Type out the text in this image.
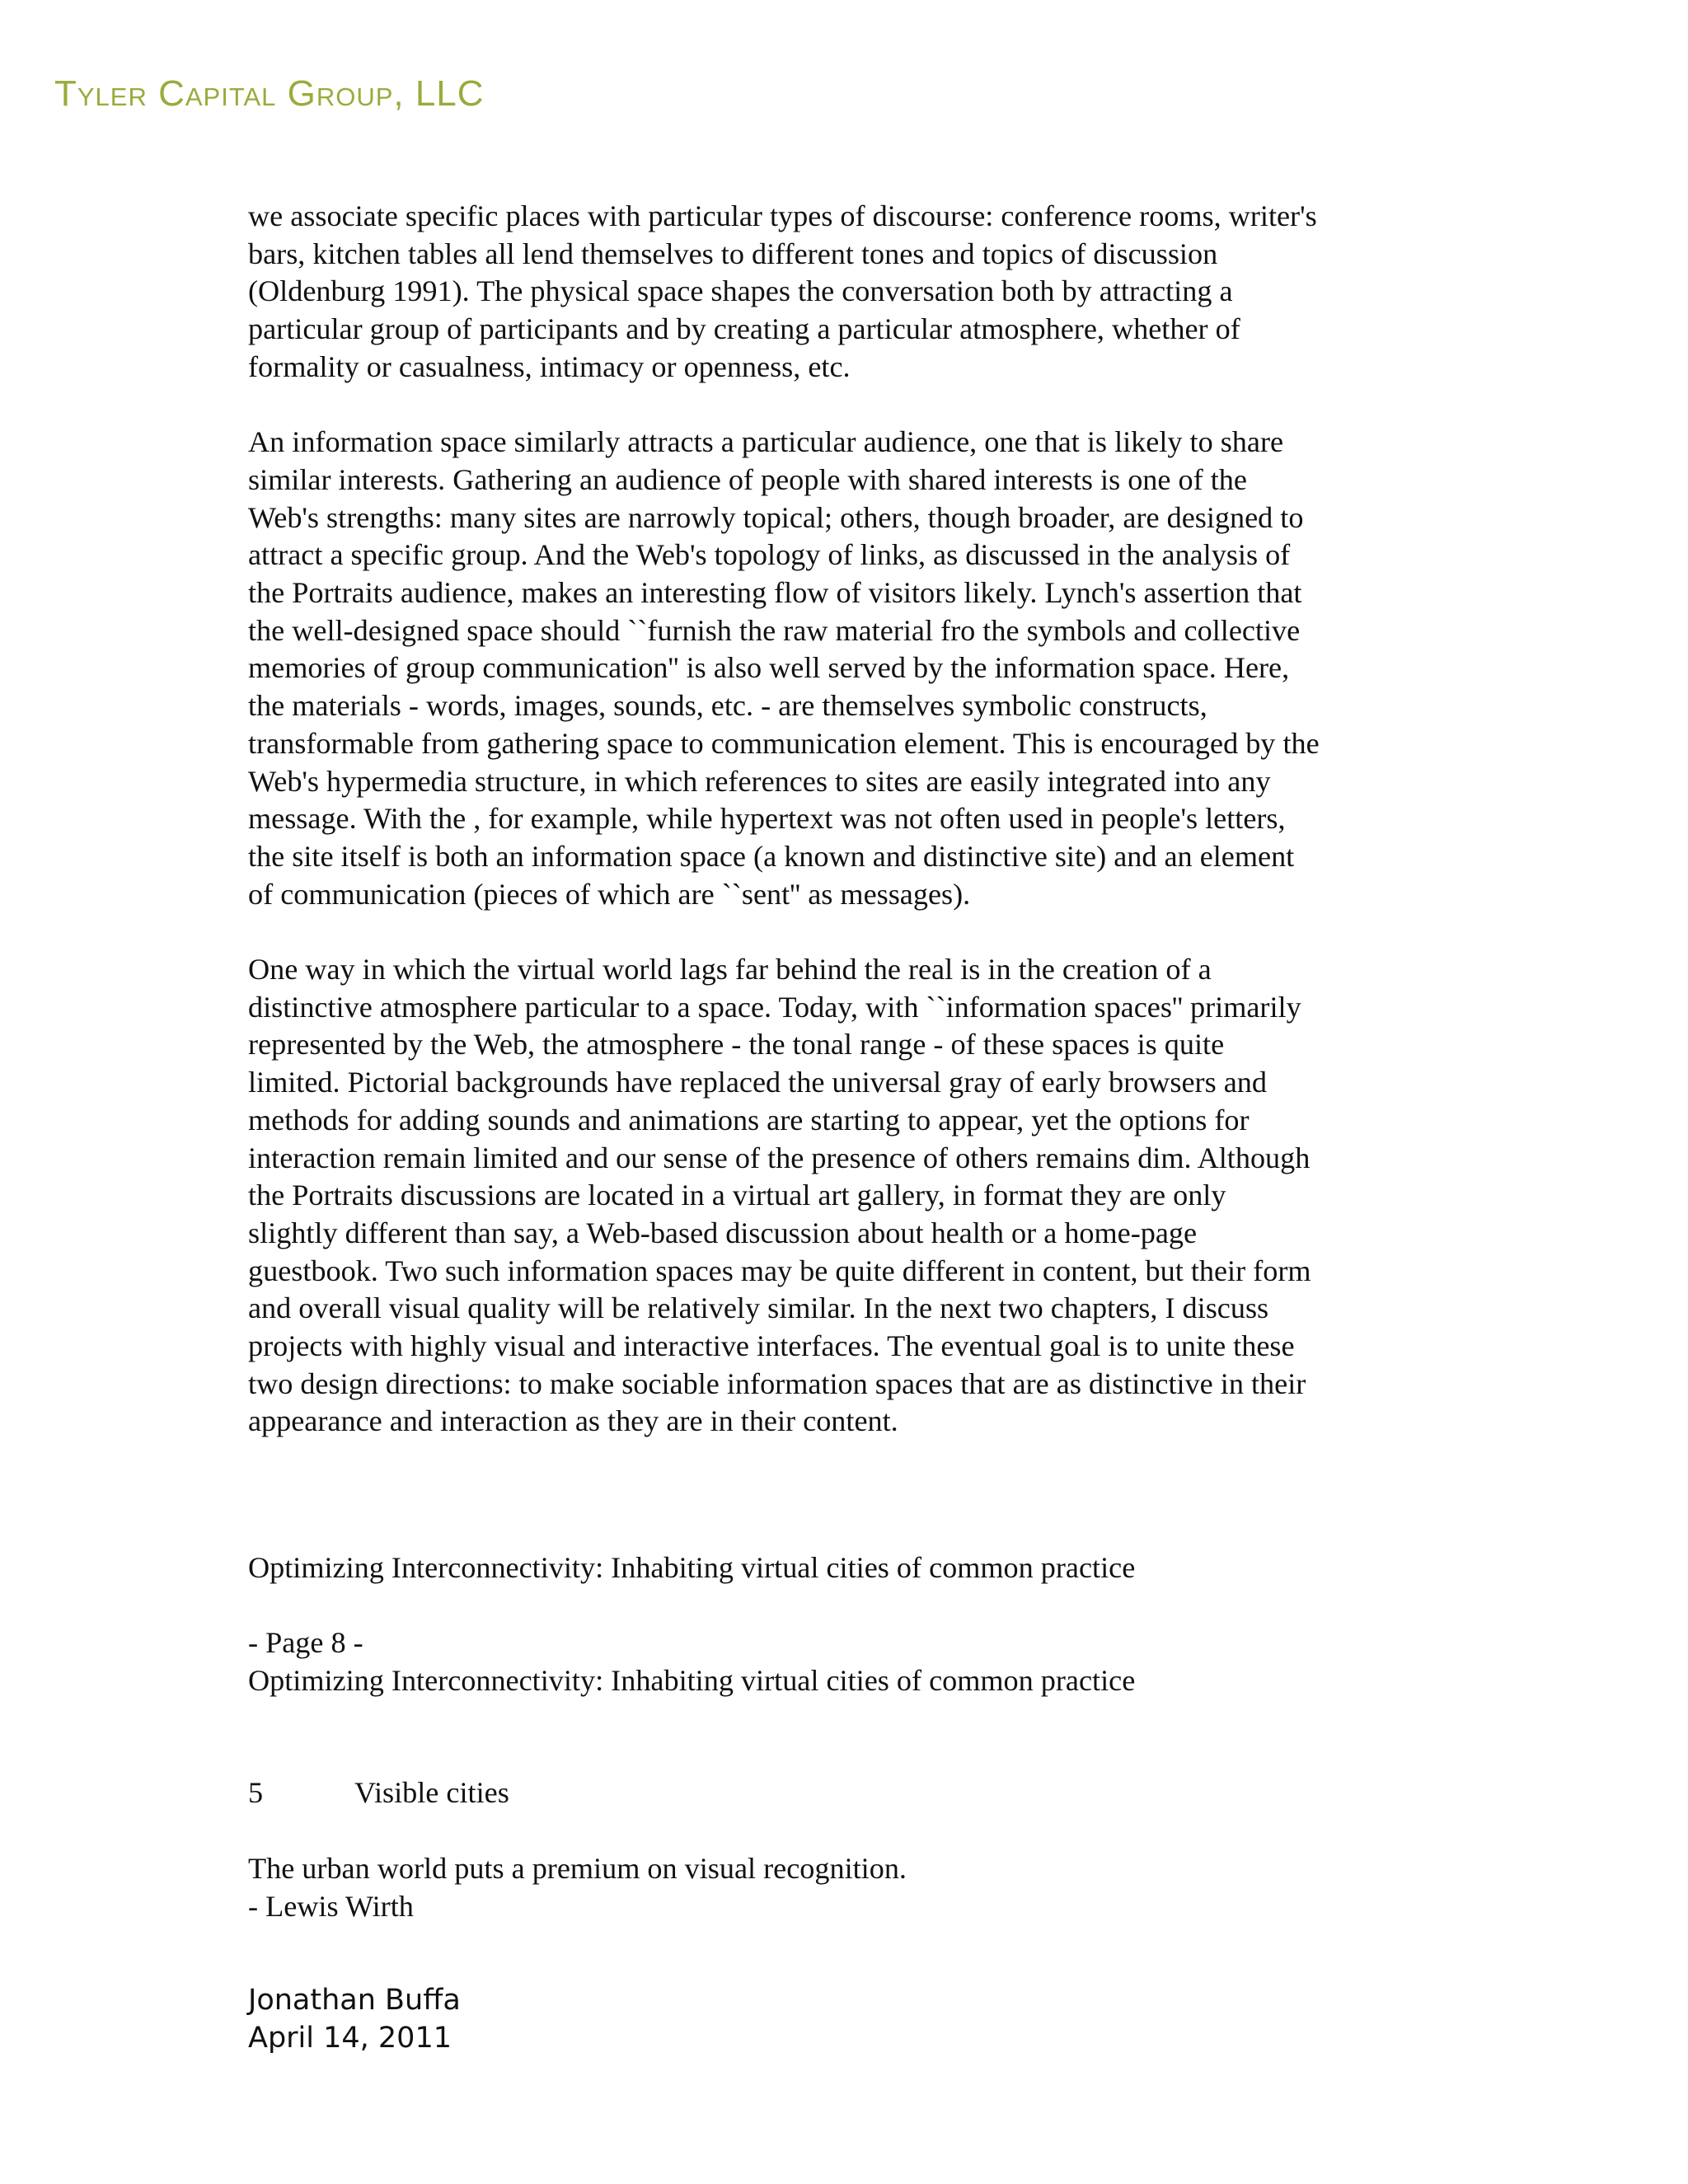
Tyler Capital Group, LLC

we associate specific places with particular types of discourse: conference rooms, writer's
bars, kitchen tables all lend themselves to different tones and topics of discussion
(Oldenburg 1991). The physical space shapes the conversation both by attracting a
particular group of participants and by creating a particular atmosphere, whether of
formality or casualness, intimacy or openness, etc.

An information space similarly attracts a particular audience, one that is likely to share
similar interests. Gathering an audience of people with shared interests is one of the
Web's strengths: many sites are narrowly topical; others, though broader, are designed to
attract a specific group. And the Web's topology of links, as discussed in the analysis of
the Portraits audience, makes an interesting flow of visitors likely. Lynch's assertion that
the well-designed space should ``furnish the raw material fro the symbols and collective
memories of group communication'' is also well served by the information space. Here,
the materials - words, images, sounds, etc. - are themselves symbolic constructs,
transformable from gathering space to communication element. This is encouraged by the
Web's hypermedia structure, in which references to sites are easily integrated into any
message. With the , for example, while hypertext was not often used in people's letters,
the site itself is both an information space (a known and distinctive site) and an element
of communication (pieces of which are ``sent'' as messages).

One way in which the virtual world lags far behind the real is in the creation of a
distinctive atmosphere particular to a space. Today, with ``information spaces'' primarily
represented by the Web, the atmosphere - the tonal range - of these spaces is quite
limited. Pictorial backgrounds have replaced the universal gray of early browsers and
methods for adding sounds and animations are starting to appear, yet the options for
interaction remain limited and our sense of the presence of others remains dim. Although
the Portraits discussions are located in a virtual art gallery, in format they are only
slightly different than say, a Web-based discussion about health or a home-page
guestbook. Two such information spaces may be quite different in content, but their form
and overall visual quality will be relatively similar. In the next two chapters, I discuss
projects with highly visual and interactive interfaces. The eventual goal is to unite these
two design directions: to make sociable information spaces that are as distinctive in their
appearance and interaction as they are in their content.

Optimizing Interconnectivity: Inhabiting virtual cities of common practice

- Page 8 -

Optimizing Interconnectivity: Inhabiting virtual cities of common practice

5	Visible cities

The urban world puts a premium on visual recognition.

- Lewis Wirth

Jonathan Buffa
April 14, 2011
